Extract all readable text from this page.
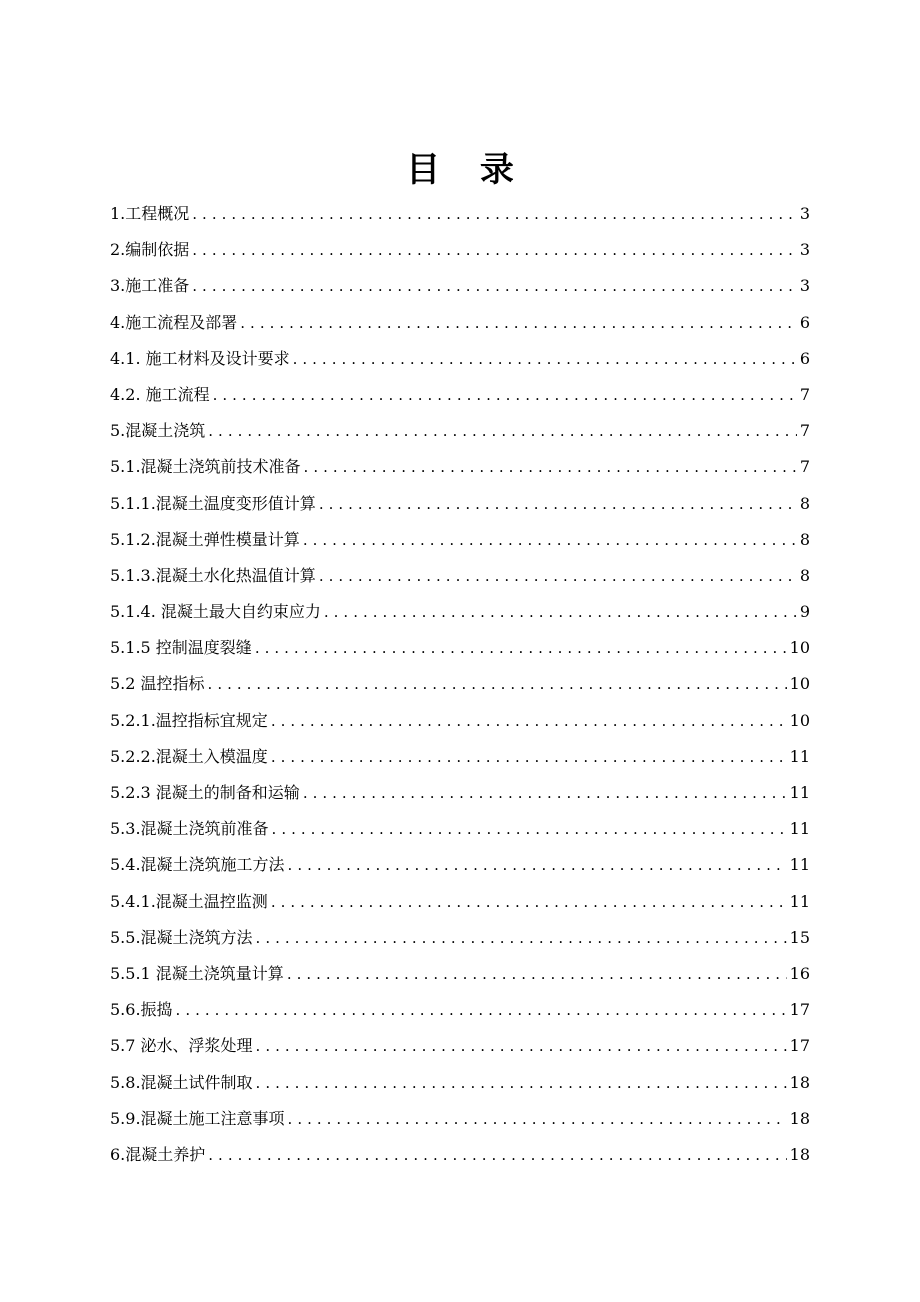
目 录
1.工程概况 .....	3
2.编制依据 .....	3
3.施工准备 .....	3
4.施工流程及部署 .....	6
4.1. 施工材料及设计要求 .....	6
4.2. 施工流程 .....	7
5.混凝土浇筑 .....	7
5.1.混凝土浇筑前技术准备 .....	7
5.1.1.混凝土温度变形值计算 .....	8
5.1.2.混凝土弹性模量计算 .....	8
5.1.3.混凝土水化热温值计算 .....	8
5.1.4. 混凝土最大自约束应力 .....	9
5.1.5 控制温度裂缝 .....	10
5.2 温控指标 .....	10
5.2.1.温控指标宜规定 .....	10
5.2.2.混凝土入模温度 .....	11
5.2.3 混凝土的制备和运输 .....	11
5.3.混凝土浇筑前准备 .....	11
5.4.混凝土浇筑施工方法 .....	11
5.4.1.混凝土温控监测 .....	11
5.5.混凝土浇筑方法 .....	15
5.5.1 混凝土浇筑量计算 .....	16
5.6.振捣 .....	17
5.7 泌水、浮浆处理 .....	17
5.8.混凝土试件制取 .....	18
5.9.混凝土施工注意事项 .....	18
6.混凝土养护 .....	18
